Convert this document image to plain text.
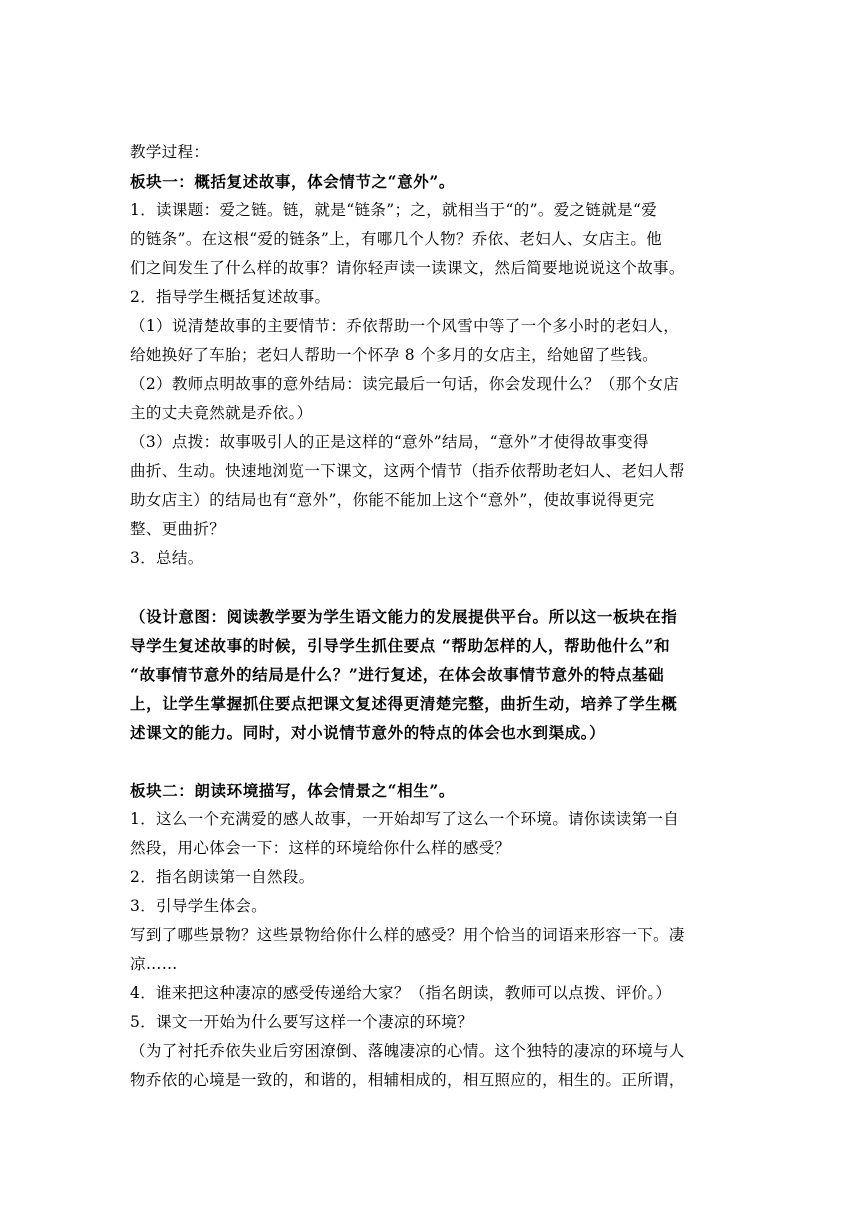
教学过程：
板块一：概括复述故事，体会情节之“意外”。
1．读课题：爱之链。链，就是“链条”；之，就相当于“的”。爱之链就是“爱
的链条”。在这根“爱的链条”上，有哪几个人物？乔依、老妇人、女店主。他
们之间发生了什么样的故事？请你轻声读一读课文，然后简要地说说这个故事。
2．指导学生概括复述故事。
（1）说清楚故事的主要情节：乔依帮助一个风雪中等了一个多小时的老妇人，
给她换好了车胎；老妇人帮助一个怀孕 8 个多月的女店主，给她留了些钱。
（2）教师点明故事的意外结局：读完最后一句话，你会发现什么？（那个女店
主的丈夫竟然就是乔依。）
（3）点拨：故事吸引人的正是这样的“意外”结局，“意外”才使得故事变得
曲折、生动。快速地浏览一下课文，这两个情节（指乔依帮助老妇人、老妇人帮
助女店主）的结局也有“意外”，你能不能加上这个“意外”，使故事说得更完
整、更曲折？
3．总结。
（设计意图：阅读教学要为学生语文能力的发展提供平台。所以这一板块在指
导学生复述故事的时候，引导学生抓住要点 “帮助怎样的人，帮助他什么”和
“故事情节意外的结局是什么？”进行复述，在体会故事情节意外的特点基础
上，让学生掌握抓住要点把课文复述得更清楚完整，曲折生动，培养了学生概
述课文的能力。同时，对小说情节意外的特点的体会也水到渠成。）
板块二：朗读环境描写，体会情景之“相生”。
1．这么一个充满爱的感人故事，一开始却写了这么一个环境。请你读读第一自
然段，用心体会一下：这样的环境给你什么样的感受？
2．指名朗读第一自然段。
3．引导学生体会。
写到了哪些景物？这些景物给你什么样的感受？用个恰当的词语来形容一下。凄
凉……
4．谁来把这种凄凉的感受传递给大家？（指名朗读，教师可以点拨、评价。）
5．课文一开始为什么要写这样一个凄凉的环境？
（为了衬托乔依失业后穷困潦倒、落魄凄凉的心情。这个独特的凄凉的环境与人
物乔依的心境是一致的，和谐的，相辅相成的，相互照应的，相生的。正所谓，
